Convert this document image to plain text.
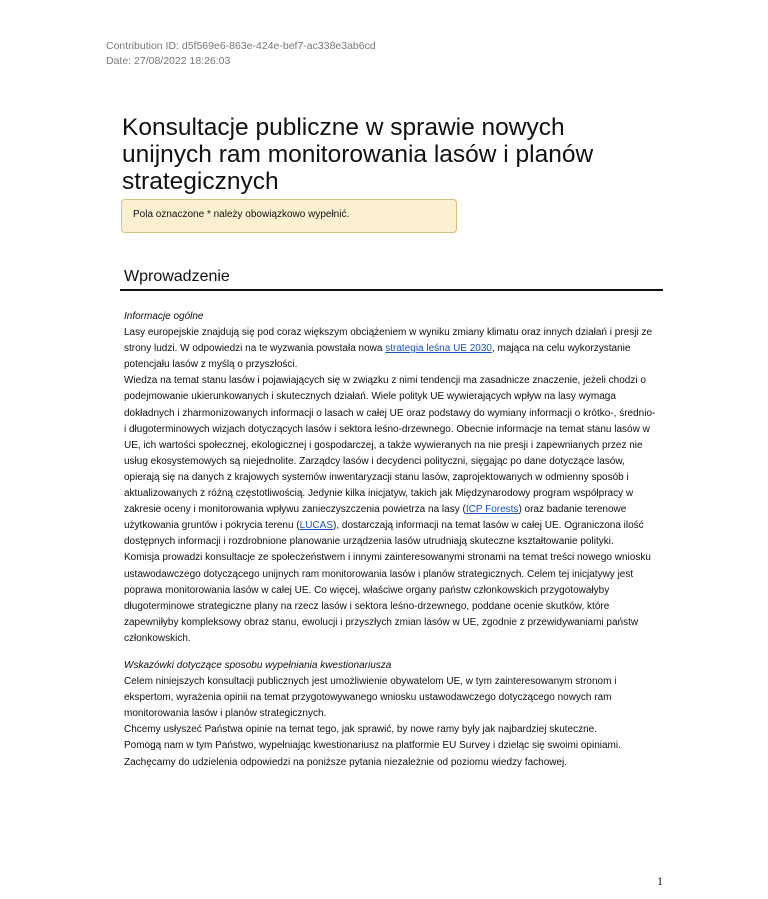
Contribution ID: d5f569e6-863e-424e-bef7-ac338e3ab6cd
Date: 27/08/2022 18:26:03
Konsultacje publiczne w sprawie nowych unijnych ram monitorowania lasów i planów strategicznych
Pola oznaczone * należy obowiązkowo wypełnić.
Wprowadzenie

Informacje ogólne

Lasy europejskie znajdują się pod coraz większym obciążeniem w wyniku zmiany klimatu oraz innych działań i presji ze strony ludzi. W odpowiedzi na te wyzwania powstała nowa strategia leśna UE 2030, mająca na celu wykorzystanie potencjału lasów z myślą o przyszłości.

Wiedza na temat stanu lasów i pojawiających się w związku z nimi tendencji ma zasadnicze znaczenie, jeżeli chodzi o podejmowanie ukierunkowanych i skutecznych działań. Wiele polityk UE wywierających wpływ na lasy wymaga dokładnych i zharmonizowanych informacji o lasach w całej UE oraz podstawy do wymiany informacji o krótko-, średnio- i długoterminowych wizjach dotyczących lasów i sektora leśno-drzewnego. Obecnie informacje na temat stanu lasów w UE, ich wartości społecznej, ekologicznej i gospodarczej, a także wywieranych na nie presji i zapewnianych przez nie usług ekosystemowych są niejednolite. Zarządcy lasów i decydenci polityczni, sięgając po dane dotyczące lasów, opierają się na danych z krajowych systemów inwentaryzacji stanu lasów, zaprojektowanych w odmienny sposób i aktualizowanych z różną częstotliwością. Jedynie kilka inicjatyw, takich jak Międzynarodowy program współpracy w zakresie oceny i monitorowania wpływu zanieczyszczenia powietrza na lasy (ICP Forests) oraz badanie terenowe użytkowania gruntów i pokrycia terenu (LUCAS), dostarczają informacji na temat lasów w całej UE. Ograniczona ilość dostępnych informacji i rozdrobnione planowanie urządzenia lasów utrudniają skuteczne kształtowanie polityki.

Komisja prowadzi konsultacje ze społeczeństwem i innymi zainteresowanymi stronami na temat treści nowego wniosku ustawodawczego dotyczącego unijnych ram monitorowania lasów i planów strategicznych. Celem tej inicjatywy jest poprawa monitorowania lasów w całej UE. Co więcej, właściwe organy państw członkowskich przygotowałyby długoterminowe strategiczne plany na rzecz lasów i sektora leśno-drzewnego, poddane ocenie skutków, które zapewniłyby kompleksowy obraz stanu, ewolucji i przyszłych zmian lasów w UE, zgodnie z przewidywaniami państw członkowskich.

Wskazówki dotyczące sposobu wypełniania kwestionariusza

Celem niniejszych konsultacji publicznych jest umożliwienie obywatelom UE, w tym zainteresowanym stronom i ekspertom, wyrażenia opinii na temat przygotowywanego wniosku ustawodawczego dotyczącego nowych ram monitorowania lasów i planów strategicznych.

Chcemy usłyszeć Państwa opinie na temat tego, jak sprawić, by nowe ramy były jak najbardziej skuteczne.

Pomogą nam w tym Państwo, wypełniając kwestionariusz na platformie EU Survey i dzieląc się swoimi opiniami.

Zachęcamy do udzielenia odpowiedzi na poniższe pytania niezależnie od poziomu wiedzy fachowej.

1
